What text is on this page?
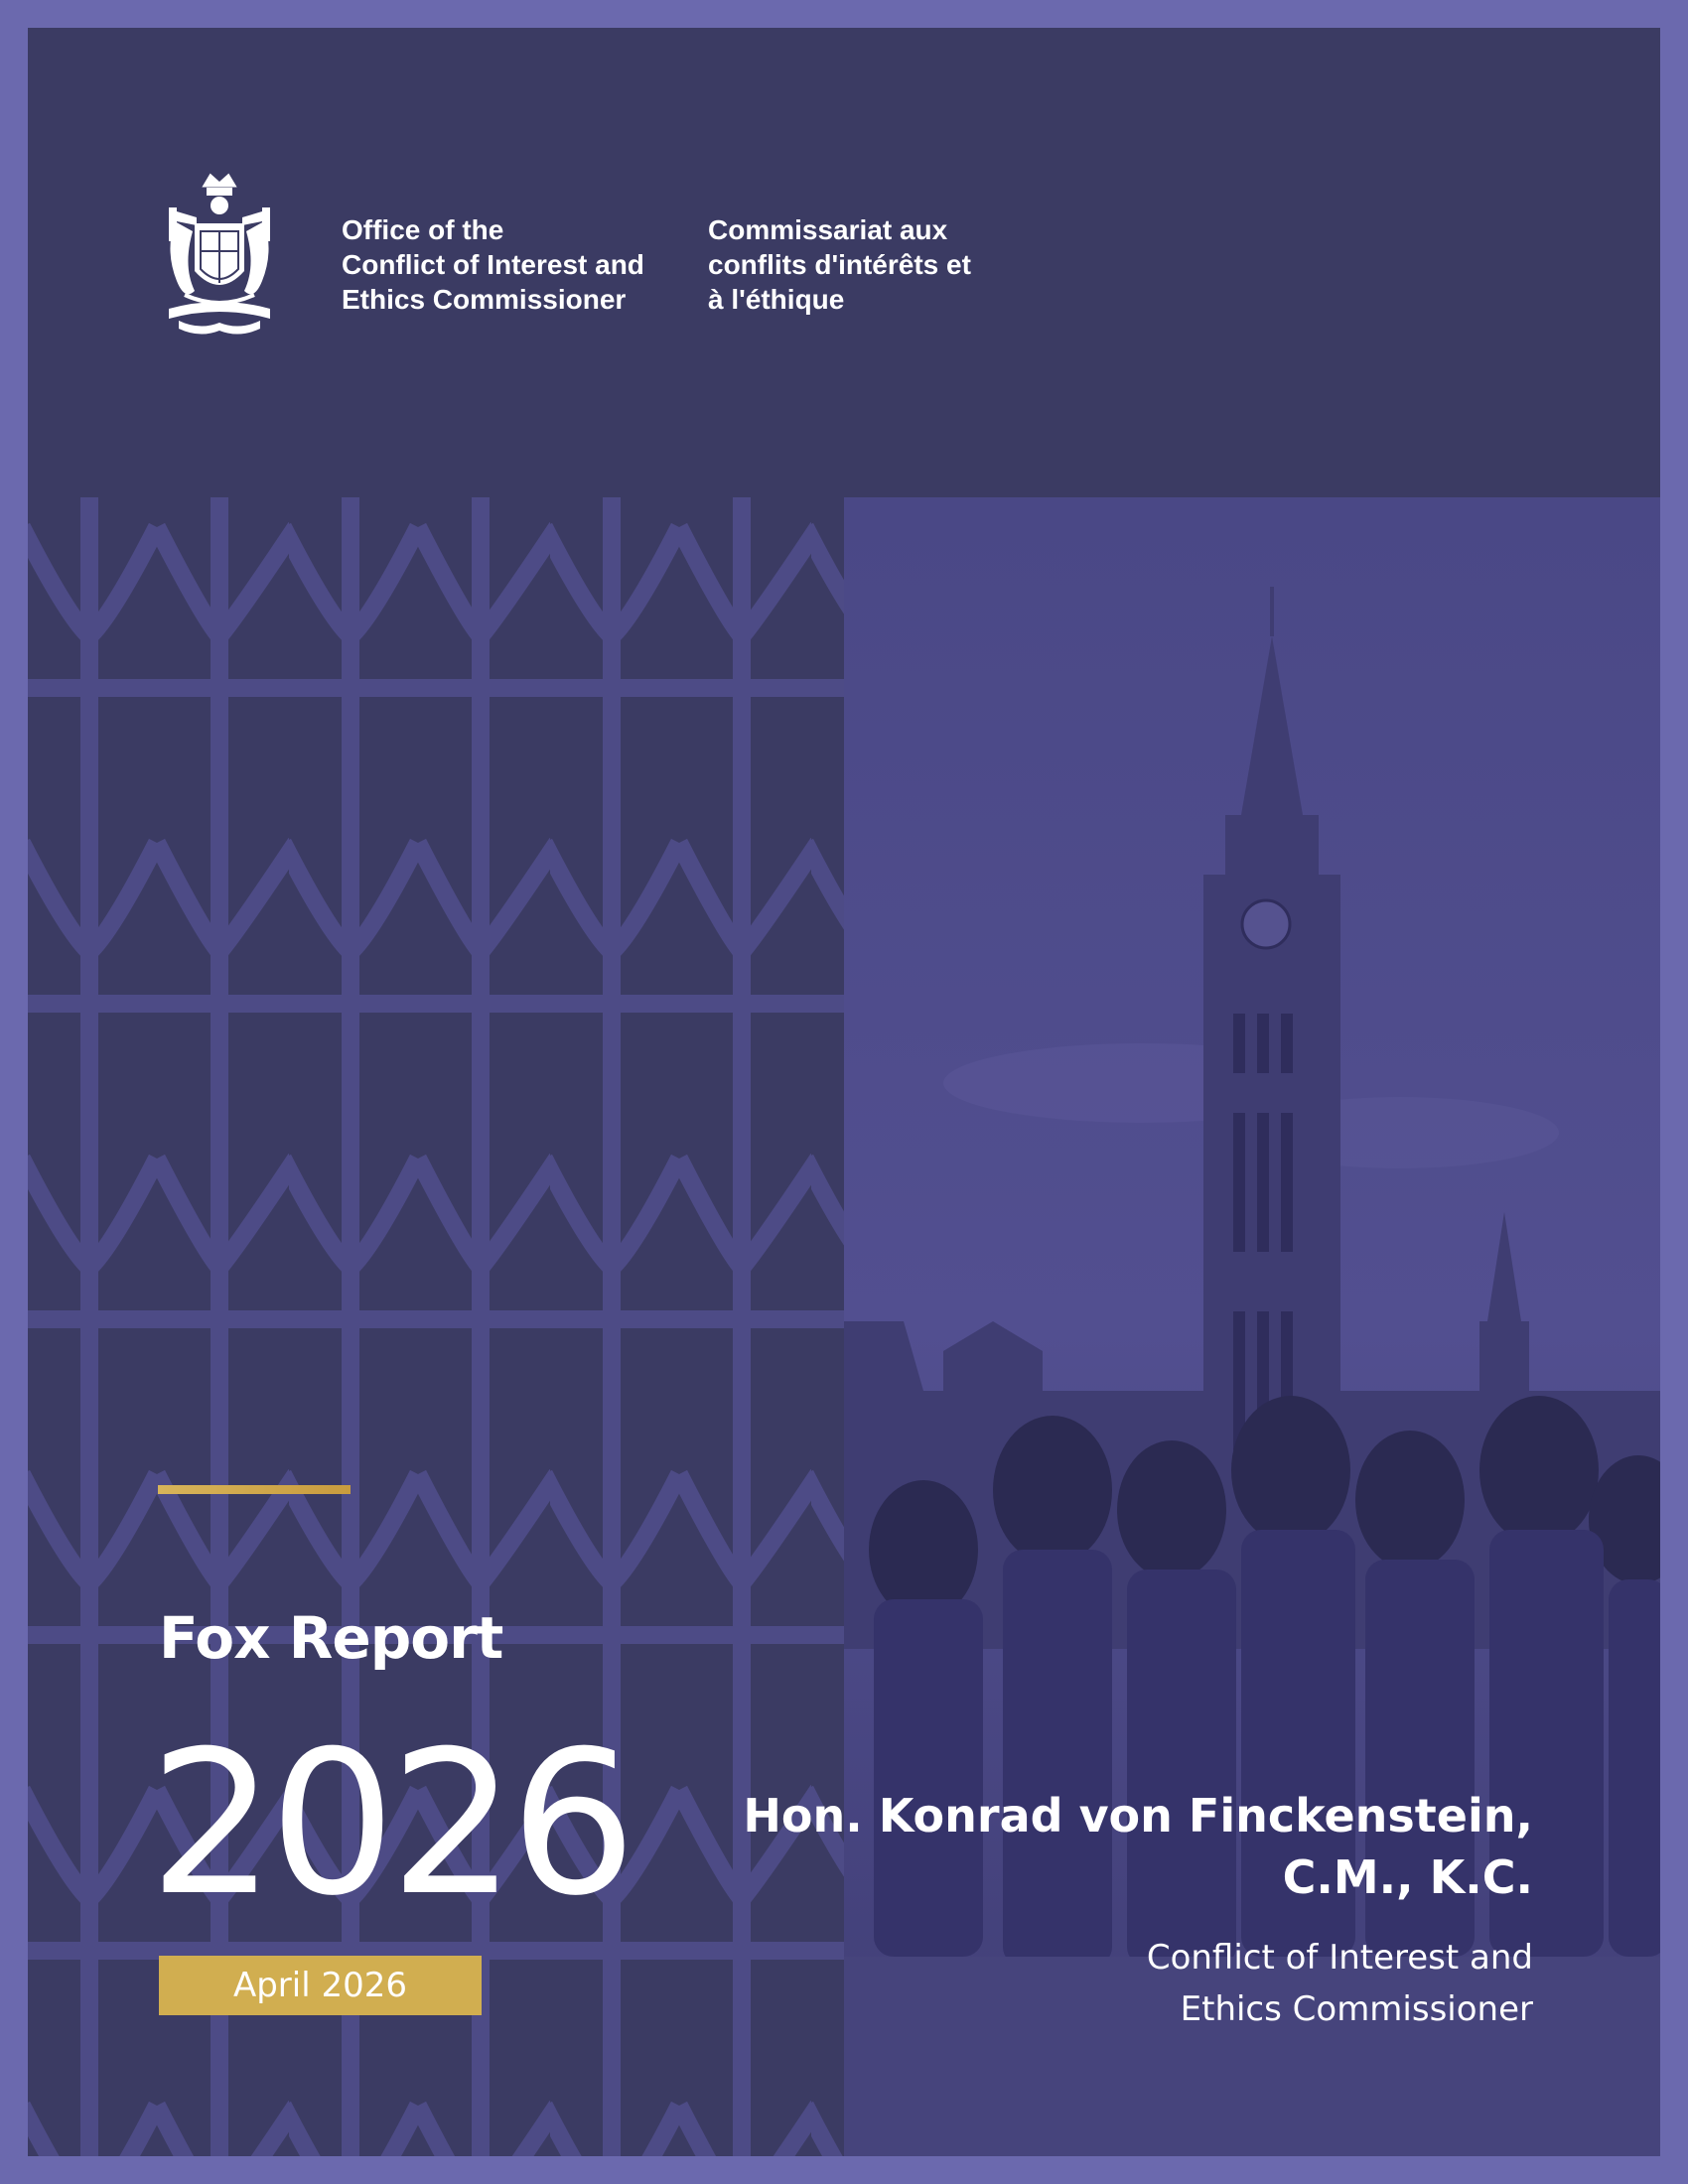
Office of the
Conflict of Interest and
Ethics Commissioner
Commissariat aux
conflits d'intérêts et
à l'éthique
Fox Report
2026
April 2026
Hon. Konrad von Finckenstein,
C.M., K.C.
Conflict of Interest and
Ethics Commissioner
